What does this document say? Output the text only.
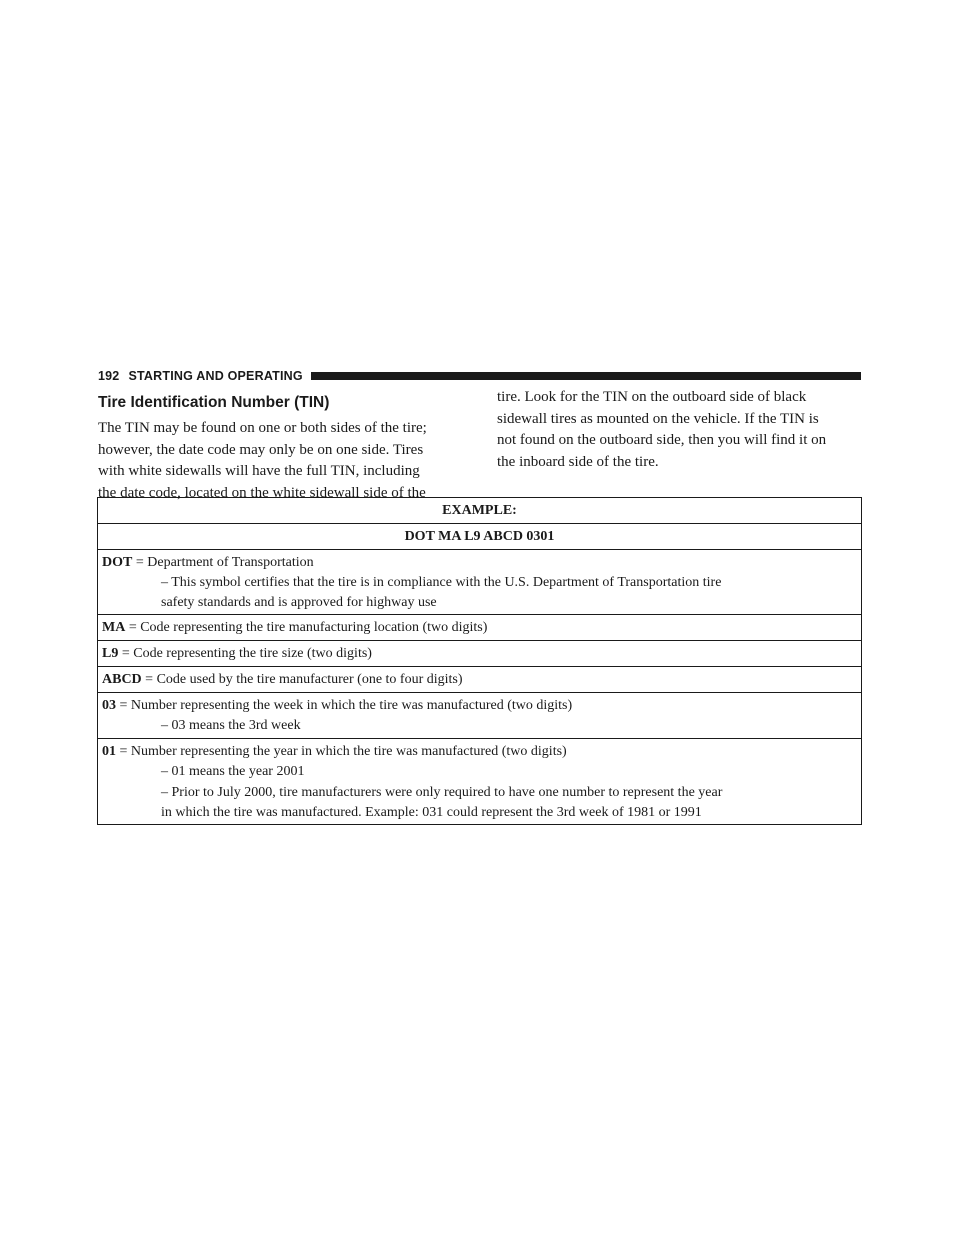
192 STARTING AND OPERATING
Tire Identification Number (TIN)

The TIN may be found on one or both sides of the tire;
however, the date code may only be on one side. Tires
with white sidewalls will have the full TIN, including
the date code, located on the white sidewall side of the

tire. Look for the TIN on the outboard side of black
sidewall tires as mounted on the vehicle. If the TIN is
not found on the outboard side, then you will find it on
the inboard side of the tire.

EXAMPLE:
DOT MA L9 ABCD 0301

DOT = Department of Transportation
– This symbol certifies that the tire is in compliance with the U.S. Department of Transportation tire
safety standards and is approved for highway use

MA = Code representing the tire manufacturing location (two digits)
L9 = Code representing the tire size (two digits)
ABCD = Code used by the tire manufacturer (one to four digits)

03 = Number representing the week in which the tire was manufactured (two digits)
– 03 means the 3rd week

01 = Number representing the year in which the tire was manufactured (two digits)
– 01 means the year 2001
– Prior to July 2000, tire manufacturers were only required to have one number to represent the year
in which the tire was manufactured. Example: 031 could represent the 3rd week of 1981 or 1991
